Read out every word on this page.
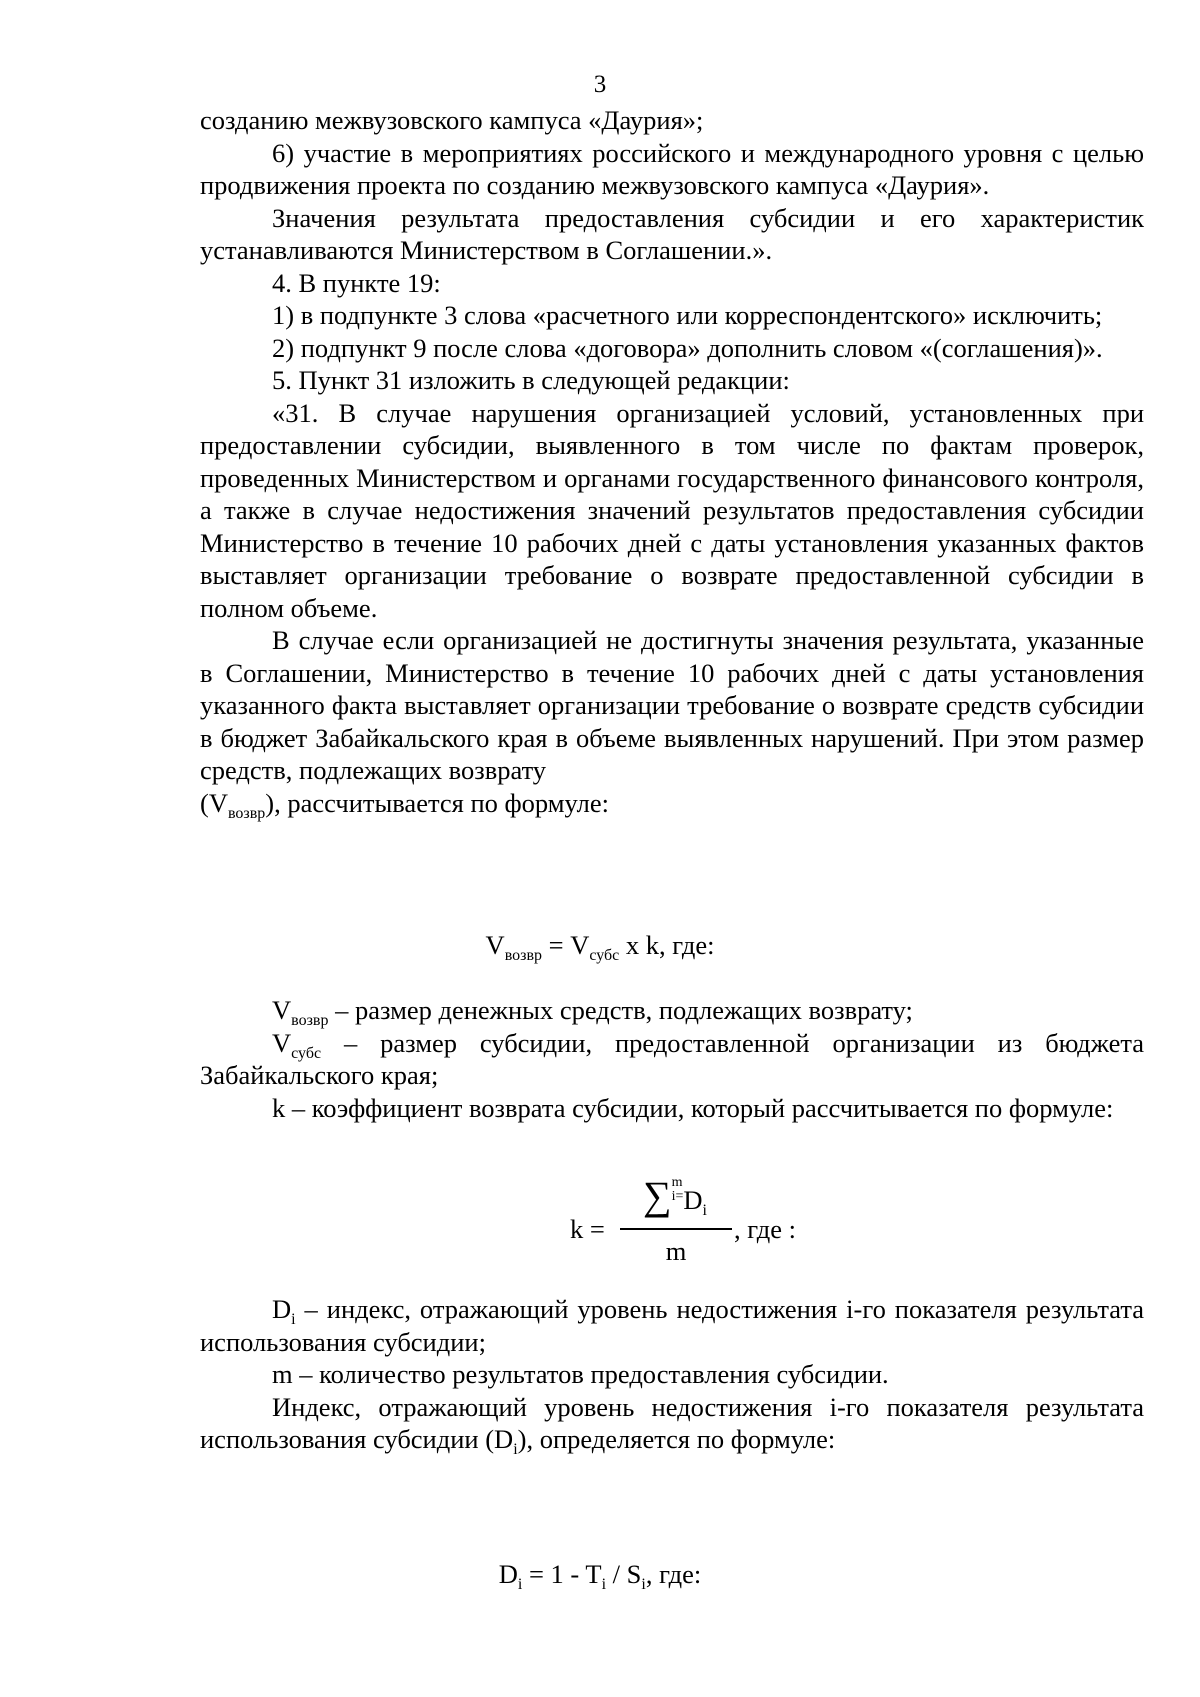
3

созданию межвузовского кампуса «Даурия»;

6) участие в мероприятиях российского и международного уровня с целью продвижения проекта по созданию межвузовского кампуса «Даурия».

Значения результата предоставления субсидии и его характеристик устанавливаются Министерством в Соглашении.».

4. В пункте 19:

1) в подпункте 3 слова «расчетного или корреспондентского» исключить;

2) подпункт 9 после слова «договора» дополнить словом «(соглашения)».

5. Пункт 31 изложить в следующей редакции:

«31. В случае нарушения организацией условий, установленных при предоставлении субсидии, выявленного в том числе по фактам проверок, проведенных Министерством и органами государственного финансового контроля, а также в случае недостижения значений результатов предоставления субсидии Министерство в течение 10 рабочих дней с даты установления указанных фактов выставляет организации требование о возврате предоставленной субсидии в полном объеме.

В случае если организацией не достигнуты значения результата, указанные в Соглашении, Министерство в течение 10 рабочих дней с даты установления указанного факта выставляет организации требование о возврате средств субсидии в бюджет Забайкальского края в объеме выявленных нарушений. При этом размер средств, подлежащих возврату

$(V_{возвр})$, рассчитывается по формуле:

$V_{возвр} = V_{субс}$ x k, где:

$V_{возвр}$ – размер денежных средств, подлежащих возврату;

$V_{субс}$ – размер субсидии, предоставленной организации из бюджета Забайкальского края;

k – коэффициент возврата субсидии, который рассчитывается по формуле:

k =
∑m
$i=D_i$
m
, где :

$D_i$ – индекс, отражающий уровень недостижения i-го показателя результата использования субсидии;

m – количество результатов предоставления субсидии.

Индекс, отражающий уровень недостижения i-го показателя результата использования субсидии $(D_i)$, определяется по формуле:

$D_i = 1 - T_i / S_i$, где:
